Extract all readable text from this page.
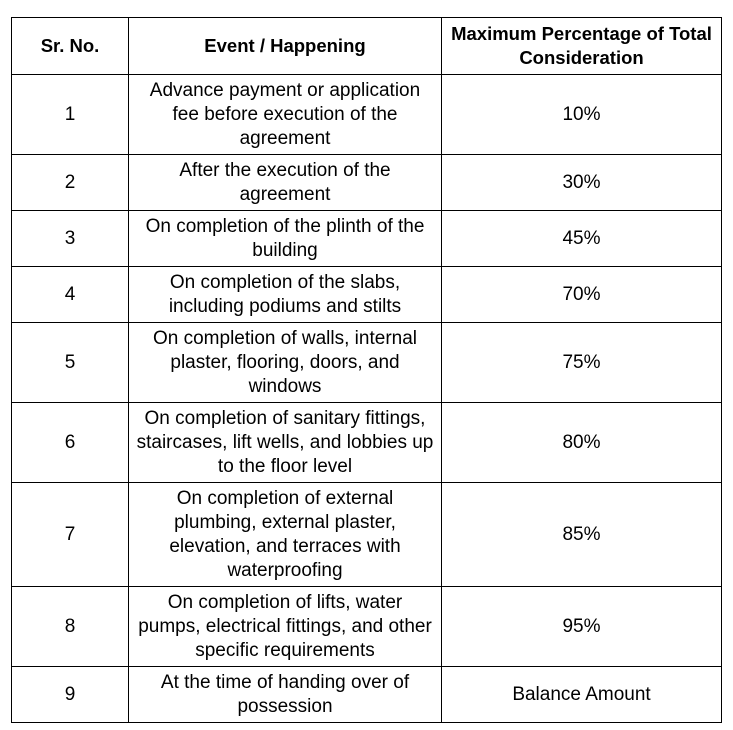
Sr. No.	Event / Happening	Maximum Percentage of Total Consideration
1	Advance payment or application fee before execution of the agreement	10%
2	After the execution of the agreement	30%
3	On completion of the plinth of the building	45%
4	On completion of the slabs, including podiums and stilts	70%
5	On completion of walls, internal plaster, flooring, doors, and windows	75%
6	On completion of sanitary fittings, staircases, lift wells, and lobbies up to the floor level	80%
7	On completion of external plumbing, external plaster, elevation, and terraces with waterproofing	85%
8	On completion of lifts, water pumps, electrical fittings, and other specific requirements	95%
9	At the time of handing over of possession	Balance Amount
